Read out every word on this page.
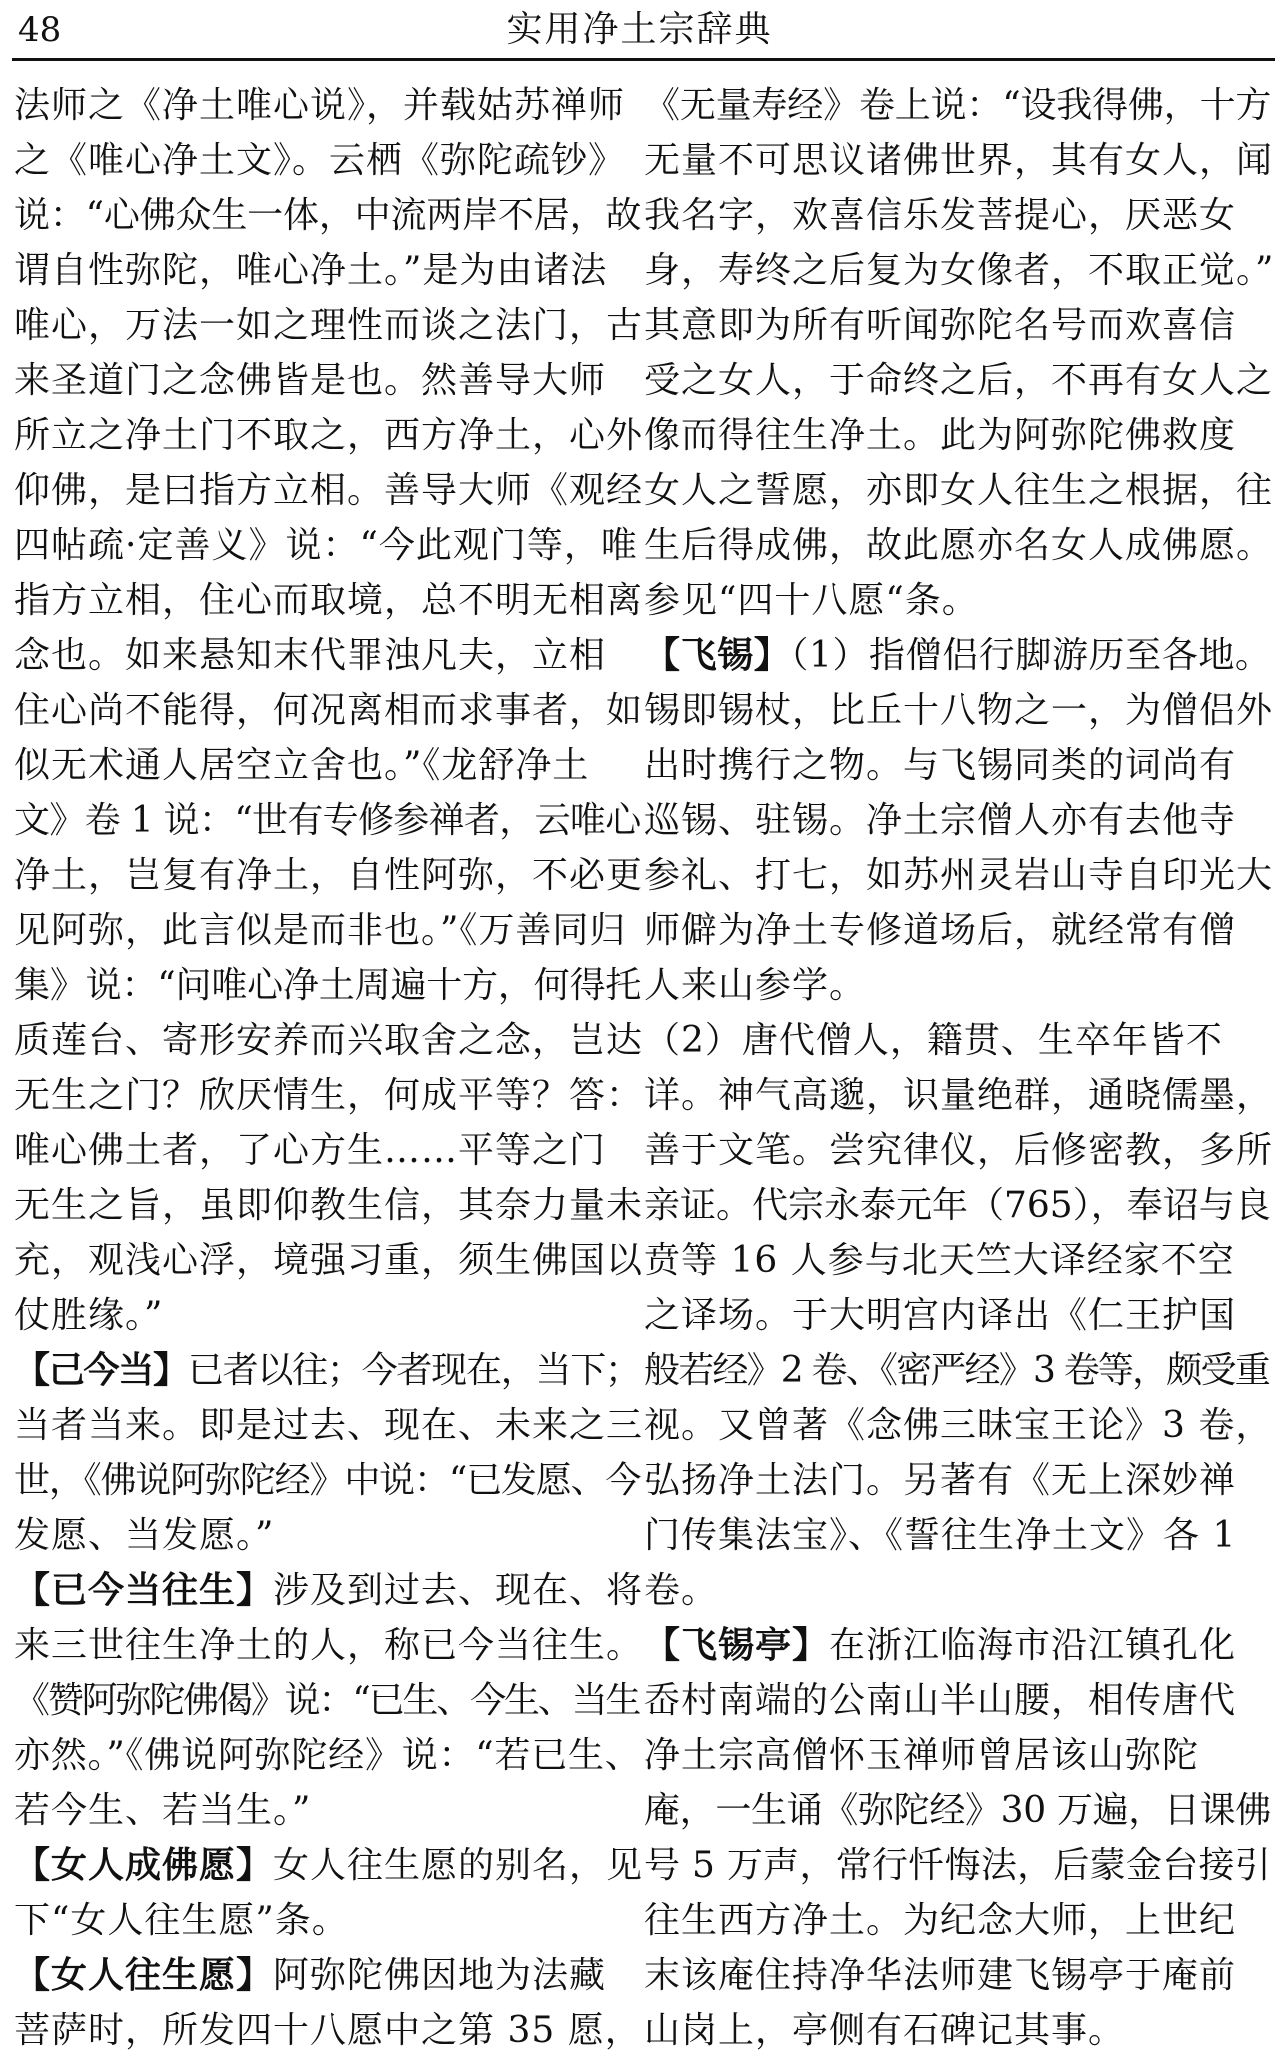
48	实用净土宗辞典
法师之《净土唯心说》，并载姑苏禅师
之《唯心净土文》。云栖《弥陀疏钞》
说：“心佛众生一体，中流两岸不居，故
谓自性弥陀，唯心净土。”是为由诸法
唯心，万法一如之理性而谈之法门，古
来圣道门之念佛皆是也。然善导大师
所立之净土门不取之，西方净土，心外
仰佛，是曰指方立相。善导大师《观经
四帖疏·定善义》说：“今此观门等，唯
指方立相，住心而取境，总不明无相离
念也。如来悬知末代罪浊凡夫，立相
住心尚不能得，何况离相而求事者，如
似无术通人居空立舍也。”《龙舒净土
文》卷 1 说：“世有专修参禅者，云唯心
净土，岂复有净土，自性阿弥，不必更
见阿弥，此言似是而非也。”《万善同归
集》说：“问唯心净土周遍十方，何得托
质莲台、寄形安养而兴取舍之念，岂达
无生之门？欣厌情生，何成平等？答：
唯心佛土者，了心方生……平等之门
无生之旨，虽即仰教生信，其奈力量未
充，观浅心浮，境强习重，须生佛国以
仗胜缘。”
【己今当】已者以往；今者现在，当下；
当者当来。即是过去、现在、未来之三
世，《佛说阿弥陀经》中说：“已发愿、今
发愿、当发愿。”
【已今当往生】涉及到过去、现在、将
来三世往生净土的人，称已今当往生。
《赞阿弥陀佛偈》说：“已生、今生、当生
亦然。”《佛说阿弥陀经》说：“若已生、
若今生、若当生。”
【女人成佛愿】女人往生愿的别名，见
下“女人往生愿”条。
【女人往生愿】阿弥陀佛因地为法藏
菩萨时，所发四十八愿中之第 35 愿，
《无量寿经》卷上说：“设我得佛，十方
无量不可思议诸佛世界，其有女人，闻
我名字，欢喜信乐发菩提心，厌恶女
身，寿终之后复为女像者，不取正觉。”
其意即为所有听闻弥陀名号而欢喜信
受之女人，于命终之后，不再有女人之
像而得往生净土。此为阿弥陀佛救度
女人之誓愿，亦即女人往生之根据，往
生后得成佛，故此愿亦名女人成佛愿。
参见“四十八愿“条。
【飞锡】（1）指僧侣行脚游历至各地。
锡即锡杖，比丘十八物之一，为僧侣外
出时携行之物。与飞锡同类的词尚有
巡锡、驻锡。净土宗僧人亦有去他寺
参礼、打七，如苏州灵岩山寺自印光大
师僻为净土专修道场后，就经常有僧
人来山参学。
（2）唐代僧人，籍贯、生卒年皆不
详。神气高邈，识量绝群，通晓儒墨，
善于文笔。尝究律仪，后修密教，多所
亲证。代宗永泰元年（765），奉诏与良
贲等 16 人参与北天竺大译经家不空
之译场。于大明宫内译出《仁王护国
般若经》2 卷、《密严经》3 卷等，颇受重
视。又曾著《念佛三昧宝王论》3 卷，
弘扬净土法门。另著有《无上深妙禅
门传集法宝》、《誓往生净土文》各 1
卷。
【飞锡亭】在浙江临海市沿江镇孔化
岙村南端的公南山半山腰，相传唐代
净土宗高僧怀玉禅师曾居该山弥陀
庵，一生诵《弥陀经》30 万遍，日课佛
号 5 万声，常行忏悔法，后蒙金台接引
往生西方净土。为纪念大师，上世纪
末该庵住持净华法师建飞锡亭于庵前
山岗上，亭侧有石碑记其事。
